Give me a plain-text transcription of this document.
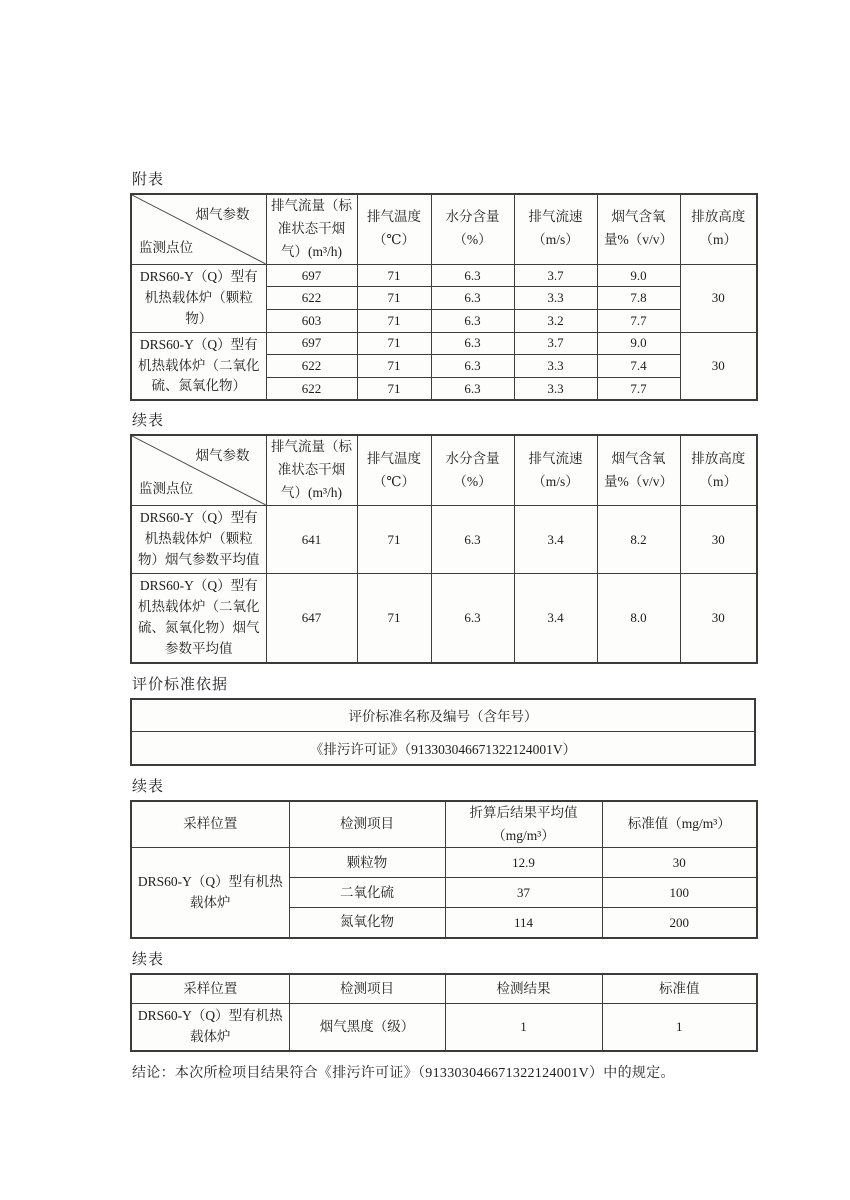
附表
烟气参数
监测点位	排气流量（标准状态干烟气）(m³/h)	排气温度（℃）	水分含量（%）	排气流速（m/s）	烟气含氧量%（v/v）	排放高度（m）
DRS60-Y（Q）型有机热载体炉（颗粒物）	697	71	6.3	3.7	9.0	30
	622	71	6.3	3.3	7.8	
	603	71	6.3	3.2	7.7	
DRS60-Y（Q）型有机热载体炉（二氧化硫、氮氧化物）	697	71	6.3	3.7	9.0	30
	622	71	6.3	3.3	7.4	
	622	71	6.3	3.3	7.7	
续表
烟气参数
监测点位	排气流量（标准状态干烟气）(m³/h)	排气温度（℃）	水分含量（%）	排气流速（m/s）	烟气含氧量%（v/v）	排放高度（m）
DRS60-Y（Q）型有机热载体炉（颗粒物）烟气参数平均值	641	71	6.3	3.4	8.2	30
DRS60-Y（Q）型有机热载体炉（二氧化硫、氮氧化物）烟气参数平均值	647	71	6.3	3.4	8.0	30
评价标准依据
评价标准名称及编号（含年号）
《排污许可证》（913303046671322124001V）
续表
采样位置	检测项目	折算后结果平均值（mg/m³）	标准值（mg/m³）
DRS60-Y（Q）型有机热载体炉	颗粒物	12.9	30
	二氧化硫	37	100
	氮氧化物	114	200
续表
采样位置	检测项目	检测结果	标准值
DRS60-Y（Q）型有机热载体炉	烟气黑度（级）	1	1

结论：本次所检项目结果符合《排污许可证》（913303046671322124001V）中的规定。
